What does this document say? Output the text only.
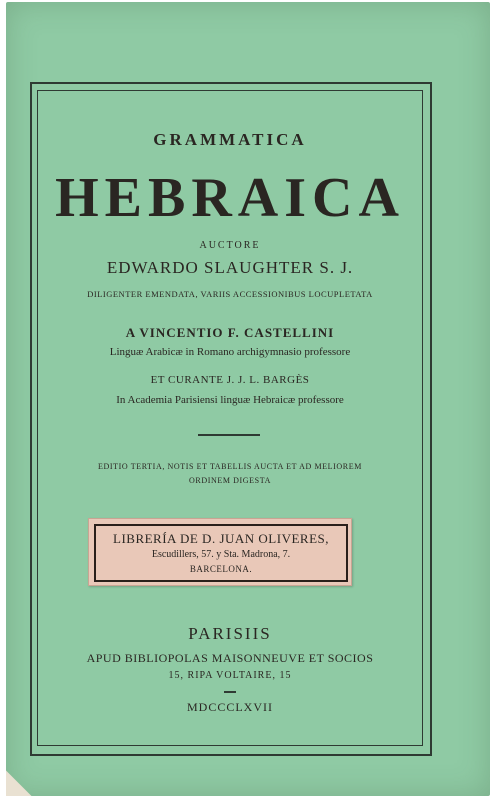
GRAMMATICA
HEBRAICA
AUCTORE
EDWARDO SLAUGHTER S. J.
DILIGENTER EMENDATA, VARIIS ACCESSIONIBUS LOCUPLETATA
A VINCENTIO F. CASTELLINI
Linguæ Arabicæ in Romano archigymnasio professore
ET CURANTE J. J. L. BARGÈS
In Academia Parisiensi linguæ Hebraicæ professore
EDITIO TERTIA, NOTIS ET TABELLIS AUCTA ET AD MELIOREM
ORDINEM DIGESTA
LIBRERÍA DE D. JUAN OLIVERES,
Escudillers, 57. y Sta. Madrona, 7.
BARCELONA.
PARISIIS
APUD BIBLIOPOLAS MAISONNEUVE ET SOCIOS
15, RIPA VOLTAIRE, 15
MDCCCLXVII
